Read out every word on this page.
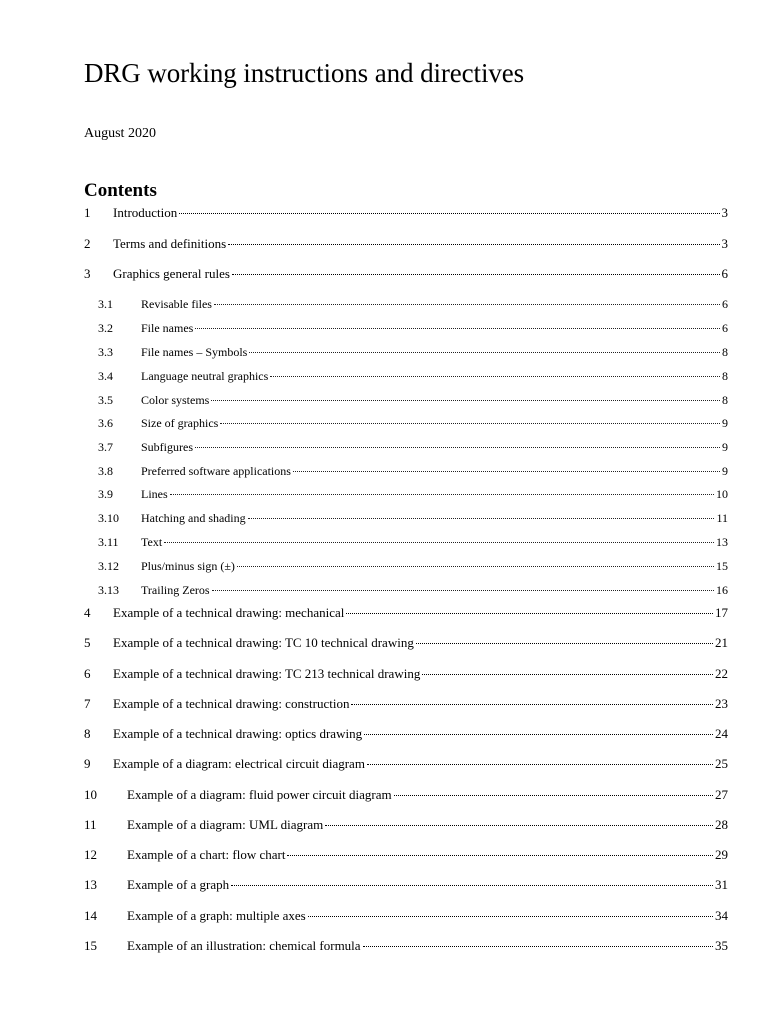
DRG working instructions and directives
August 2020
Contents
1	Introduction	3
2	Terms and definitions	3
3	Graphics general rules	6
3.1	Revisable files	6
3.2	File names	6
3.3	File names – Symbols	8
3.4	Language neutral graphics	8
3.5	Color systems	8
3.6	Size of graphics	9
3.7	Subfigures	9
3.8	Preferred software applications	9
3.9	Lines	10
3.10	Hatching and shading	11
3.11	Text	13
3.12	Plus/minus sign (±)	15
3.13	Trailing Zeros	16
4	Example of a technical drawing: mechanical	17
5	Example of a technical drawing: TC 10 technical drawing	21
6	Example of a technical drawing: TC 213 technical drawing	22
7	Example of a technical drawing: construction	23
8	Example of a technical drawing: optics drawing	24
9	Example of a diagram: electrical circuit diagram	25
10	Example of a diagram: fluid power circuit diagram	27
11	Example of a diagram: UML diagram	28
12	Example of a chart: flow chart	29
13	Example of a graph	31
14	Example of a graph: multiple axes	34
15	Example of an illustration: chemical formula	35
